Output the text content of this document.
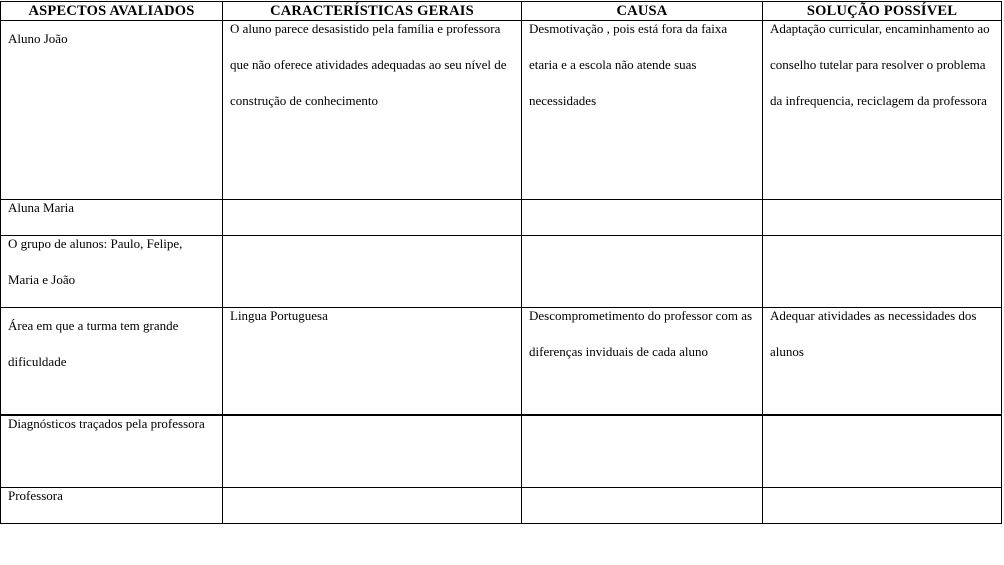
ASPECTOS AVALIADOS	CARACTERÍSTICAS GERAIS	CAUSA	SOLUÇÃO POSSÍVEL

Aluno João	O aluno parece desasistido pela família e professora que não oferece atividades adequadas ao seu nível de construção de conhecimento	Desmotivação , pois está fora da faixa etaria e a escola não atende suas necessidades	Adaptação curricular, encaminhamento ao conselho tutelar para resolver o problema da infrequencia, reciclagem da professora

Aluna Maria			

O grupo de alunos: Paulo, Felipe, Maria e João			

Área em que a turma tem grande dificuldade	Lingua Portuguesa	Descomprometimento do professor com as diferenças inviduais de cada aluno	Adequar atividades as necessidades dos alunos

Diagnósticos traçados pela professora			

Professora			
